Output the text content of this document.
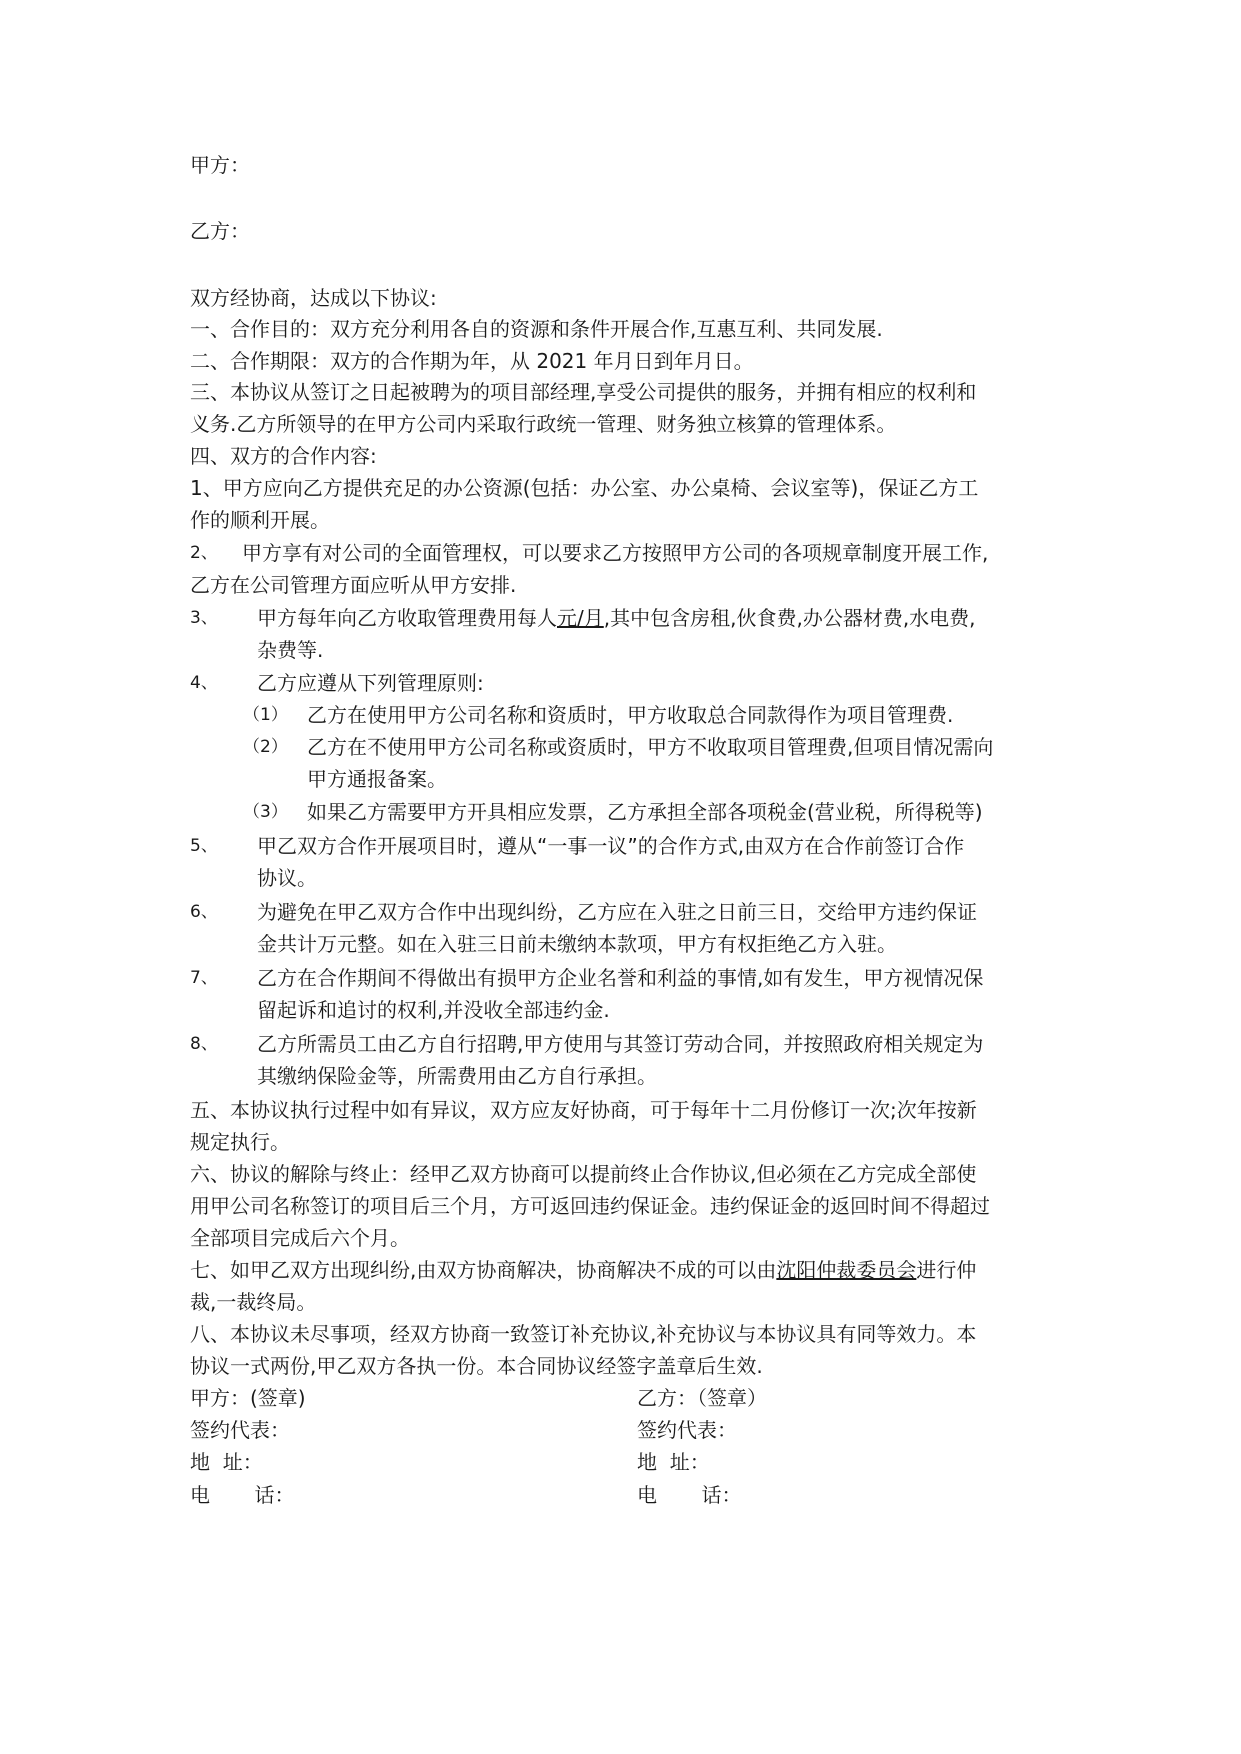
甲方：
乙方：
双方经协商，达成以下协议:
一、合作目的：双方充分利用各自的资源和条件开展合作,互惠互利、共同发展.
二、合作期限：双方的合作期为年，从 2021 年月日到年月日。
三、本协议从签订之日起被聘为的项目部经理,享受公司提供的服务，并拥有相应的权利和
义务.乙方所领导的在甲方公司内采取行政统一管理、财务独立核算的管理体系。
四、双方的合作内容:
1、甲方应向乙方提供充足的办公资源(包括：办公室、办公桌椅、会议室等)，保证乙方工
作的顺利开展。
2、 甲方享有对公司的全面管理权，可以要求乙方按照甲方公司的各项规章制度开展工作,
乙方在公司管理方面应听从甲方安排.
3、 甲方每年向乙方收取管理费用每人元/月,其中包含房租,伙食费,办公器材费,水电费,
杂费等.
4、 乙方应遵从下列管理原则:
（1） 乙方在使用甲方公司名称和资质时，甲方收取总合同款得作为项目管理费.
（2） 乙方在不使用甲方公司名称或资质时，甲方不收取项目管理费,但项目情况需向
甲方通报备案。
（3） 如果乙方需要甲方开具相应发票，乙方承担全部各项税金(营业税，所得税等)
5、 甲乙双方合作开展项目时，遵从“一事一议”的合作方式,由双方在合作前签订合作
协议。
6、 为避免在甲乙双方合作中出现纠纷，乙方应在入驻之日前三日，交给甲方违约保证
金共计万元整。如在入驻三日前未缴纳本款项，甲方有权拒绝乙方入驻。
7、 乙方在合作期间不得做出有损甲方企业名誉和利益的事情,如有发生，甲方视情况保
留起诉和追讨的权利,并没收全部违约金.
8、 乙方所需员工由乙方自行招聘,甲方使用与其签订劳动合同，并按照政府相关规定为
其缴纳保险金等，所需费用由乙方自行承担。
五、本协议执行过程中如有异议，双方应友好协商，可于每年十二月份修订一次;次年按新
规定执行。
六、协议的解除与终止：经甲乙双方协商可以提前终止合作协议,但必须在乙方完成全部使
用甲公司名称签订的项目后三个月，方可返回违约保证金。违约保证金的返回时间不得超过
全部项目完成后六个月。
七、如甲乙双方出现纠纷,由双方协商解决，协商解决不成的可以由沈阳仲裁委员会进行仲
裁,一裁终局。
八、本协议未尽事项，经双方协商一致签订补充协议,补充协议与本协议具有同等效力。本
协议一式两份,甲乙双方各执一份。本合同协议经签字盖章后生效.
甲方：(签章)	乙方：（签章）
签约代表：	签约代表：
地  址：	地  址：
电       话：	电       话：
